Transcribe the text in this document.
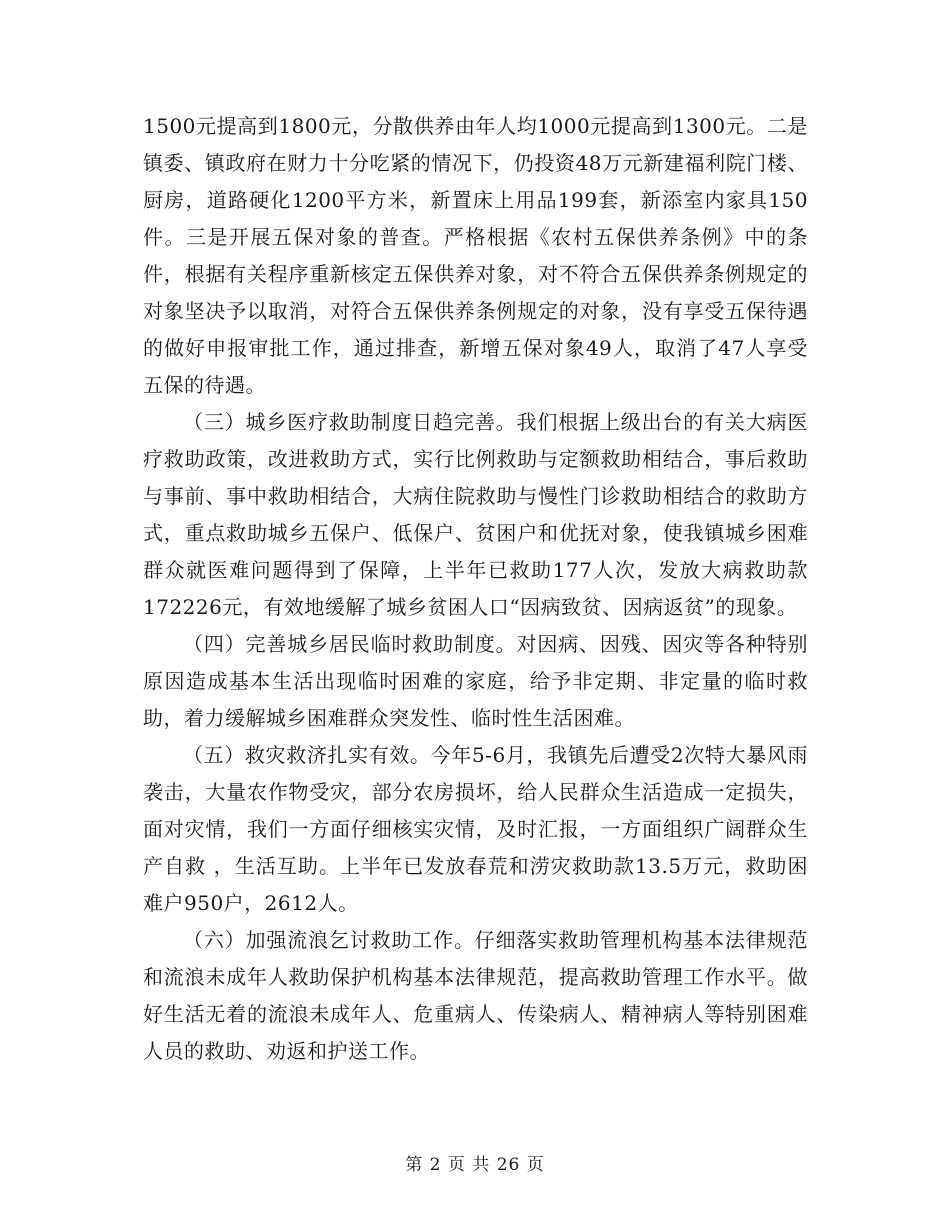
1500元提高到1800元，分散供养由年人均1000元提高到1300元。二是镇委、镇政府在财力十分吃紧的情况下，仍投资48万元新建福利院门楼、厨房，道路硬化1200平方米，新置床上用品199套，新添室内家具150件。三是开展五保对象的普查。严格根据《农村五保供养条例》中的条件，根据有关程序重新核定五保供养对象，对不符合五保供养条例规定的对象坚决予以取消，对符合五保供养条例规定的对象，没有享受五保待遇的做好申报审批工作，通过排查，新增五保对象49人，取消了47人享受五保的待遇。

（三）城乡医疗救助制度日趋完善。我们根据上级出台的有关大病医疗救助政策，改进救助方式，实行比例救助与定额救助相结合，事后救助与事前、事中救助相结合，大病住院救助与慢性门诊救助相结合的救助方式，重点救助城乡五保户、低保户、贫困户和优抚对象，使我镇城乡困难群众就医难问题得到了保障，上半年已救助177人次，发放大病救助款172226元，有效地缓解了城乡贫困人口“因病致贫、因病返贫”的现象。

（四）完善城乡居民临时救助制度。对因病、因残、因灾等各种特别原因造成基本生活出现临时困难的家庭，给予非定期、非定量的临时救助，着力缓解城乡困难群众突发性、临时性生活困难。

（五）救灾救济扎实有效。今年5-6月，我镇先后遭受2次特大暴风雨袭击，大量农作物受灾，部分农房损坏，给人民群众生活造成一定损失，面对灾情，我们一方面仔细核实灾情，及时汇报，一方面组织广阔群众生产自救 ，生活互助。上半年已发放春荒和涝灾救助款13.5万元，救助困难户950户，2612人。

（六）加强流浪乞讨救助工作。仔细落实救助管理机构基本法律规范和流浪未成年人救助保护机构基本法律规范，提高救助管理工作水平。做好生活无着的流浪未成年人、危重病人、传染病人、精神病人等特别困难人员的救助、劝返和护送工作。

第 2 页 共 26 页
